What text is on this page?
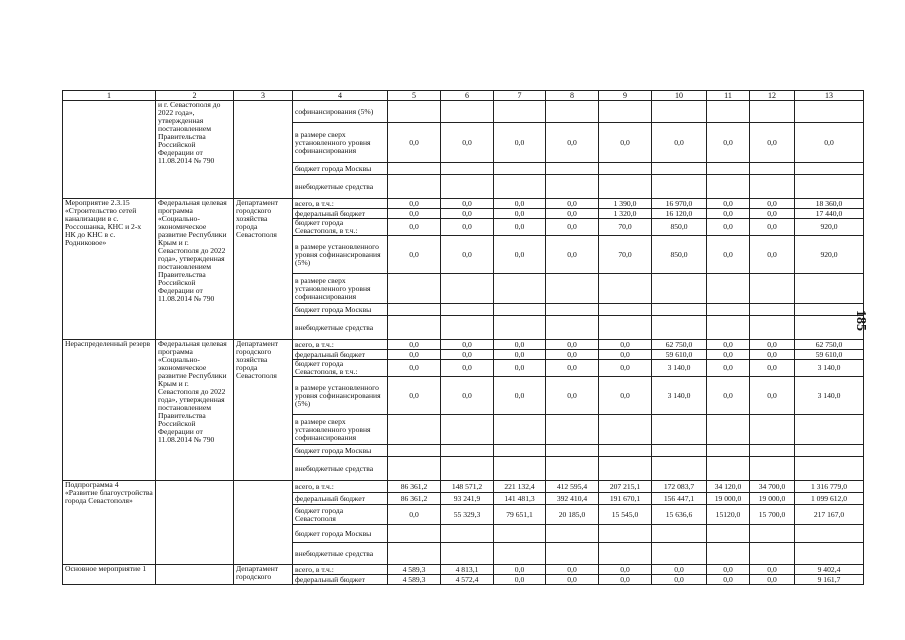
1	2	3	4	5	6	7	8	9	10	11	12	13
	и г. Севастополя до 2022 года», утвержденная постановлением Правительства Российской Федерации от 11.08.2014 № 790		софинансирования (5%)									
			в размере сверх установленного уровня софинансирования	0,0	0,0	0,0	0,0	0,0	0,0	0,0	0,0	0,0
			бюджет города Москвы									
			внебюджетные средства									
Мероприятие 2.3.15 «Строительство сетей канализации в с. Россошанка, КНС и 2-х НК до КНС в с. Родниковое»	Федеральная целевая программа «Социально-экономическое развитие Республики Крым и г. Севастополя до 2022 года», утвержденная постановлением Правительства Российской Федерации от 11.08.2014 № 790	Департамент городского хозяйства города Севастополя	всего, в т.ч.:	0,0	0,0	0,0	0,0	1 390,0	16 970,0	0,0	0,0	18 360,0
			федеральный бюджет	0,0	0,0	0,0	0,0	1 320,0	16 120,0	0,0	0,0	17 440,0
			бюджет города Севастополя, в т.ч.:	0,0	0,0	0,0	0,0	70,0	850,0	0,0	0,0	920,0
			в размере установленного уровня софинансирования (5%)	0,0	0,0	0,0	0,0	70,0	850,0	0,0	0,0	920,0
			в размере сверх установленного уровня софинансирования									
			бюджет города Москвы									
			внебюджетные средства									
Нераспределенный резерв	Федеральная целевая программа «Социально-экономическое развитие Республики Крым и г. Севастополя до 2022 года», утвержденная постановлением Правительства Российской Федерации от 11.08.2014 № 790	Департамент городского хозяйства города Севастополя	всего, в т.ч.:	0,0	0,0	0,0	0,0	0,0	62 750,0	0,0	0,0	62 750,0
			федеральный бюджет	0,0	0,0	0,0	0,0	0,0	59 610,0	0,0	0,0	59 610,0
			бюджет города Севастополя, в т.ч.:	0,0	0,0	0,0	0,0	0,0	3 140,0	0,0	0,0	3 140,0
			в размере установленного уровня софинансирования (5%)	0,0	0,0	0,0	0,0	0,0	3 140,0	0,0	0,0	3 140,0
			в размере сверх установленного уровня софинансирования									
			бюджет города Москвы									
			внебюджетные средства									
Подпрограмма 4 «Развитие благоустройства города Севастополя»			всего, в т.ч.:	86 361,2	148 571,2	221 132,4	412 595,4	207 215,1	172 083,7	34 120,0	34 700,0	1 316 779,0
			федеральный бюджет	86 361,2	93 241,9	141 481,3	392 410,4	191 670,1	156 447,1	19 000,0	19 000,0	1 099 612,0
			бюджет города Севастополя	0,0	55 329,3	79 651,1	20 185,0	15 545,0	15 636,6	15120,0	15 700,0	217 167,0
			бюджет города Москвы									
			внебюджетные средства									
Основное мероприятие 1		Департамент городского	всего, в т.ч.:	4 589,3	4 813,1	0,0	0,0	0,0	0,0	0,0	0,0	9 402,4
			федеральный бюджет	4 589,3	4 572,4	0,0	0,0	0,0	0,0	0,0	0,0	9 161,7
185
